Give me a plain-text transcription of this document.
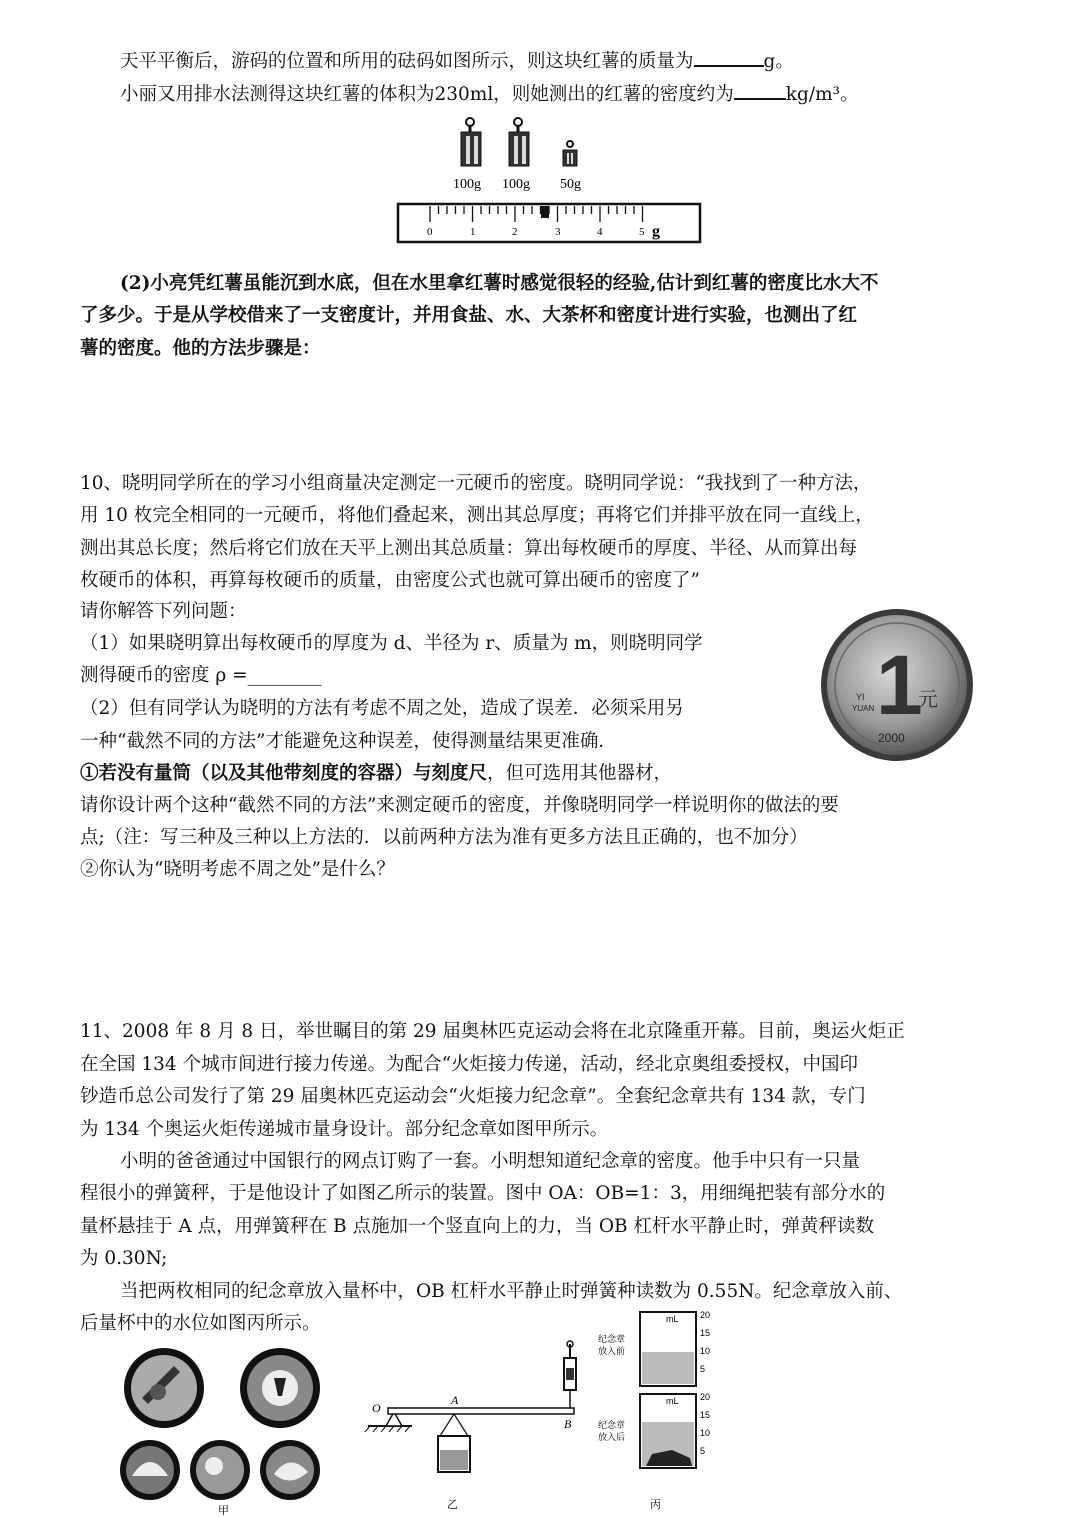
天平平衡后，游码的位置和所用的砝码如图所示，则这块红薯的质量为	g。
小丽又用排水法测得这块红薯的体积为230ml，则她测出的红薯的密度约为	kg/m³。
100g 100g 50g
0	1	2	3	4	5 g
(2)小亮凭红薯虽能沉到水底，但在水里拿红薯时感觉很轻的经验,估计到红薯的密度比水大不
了多少。于是从学校借来了一支密度计，并用食盐、水、大茶杯和密度计进行实验，也测出了红
薯的密度。他的方法步骤是：
10、晓明同学所在的学习小组商量决定测定一元硬币的密度。晓明同学说：“我找到了一种方法，
用 10 枚完全相同的一元硬币，将他们叠起来，测出其总厚度；再将它们并排平放在同一直线上，
测出其总长度；然后将它们放在天平上测出其总质量：算出每枚硬币的厚度、半径、从而算出每
枚硬币的体积，再算每枚硬币的质量，由密度公式也就可算出硬币的密度了”
请你解答下列问题：
（1）如果晓明算出每枚硬币的厚度为 d、半径为 r、质量为 m，则晓明同学
测得硬币的密度 ρ =________
（2）但有同学认为晓明的方法有考虑不周之处，造成了误差．必须采用另
一种“截然不同的方法”才能避免这种误差，使得测量结果更准确．
①若没有量筒（以及其他带刻度的容器）与刻度尺，但可选用其他器材，
请你设计两个这种“截然不同的方法”来测定硬币的密度，并像晓明同学一样说明你的做法的要
点;（注：写三种及三种以上方法的．以前两种方法为准有更多方法且正确的，也不加分）
②你认为“晓明考虑不周之处”是什么？
1
YI
YUAN 元
2000
11、2008 年 8 月 8 日，举世瞩目的第 29 届奥林匹克运动会将在北京隆重开幕。目前，奥运火炬正
在全国 134 个城市间进行接力传递。为配合“火炬接力传递，活动，经北京奥组委授权，中国印
钞造币总公司发行了第 29 届奥林匹克运动会“火炬接力纪念章”。全套纪念章共有 134 款，专门
为 134 个奥运火炬传递城市量身设计。部分纪念章如图甲所示。
小明的爸爸通过中国银行的网点订购了一套。小明想知道纪念章的密度。他手中只有一只量
程很小的弹簧秤，于是他设计了如图乙所示的装置。图中 OA：OB=1：3，用细绳把装有部分水的
量杯悬挂于 A 点，用弹簧秤在 B 点施加一个竖直向上的力，当 OB 杠杆水平静止时，弹黄秤读数
为 0.30N;
当把两枚相同的纪念章放入量杯中，OB 杠杆水平静止时弹簧种读数为 0.55N。纪念章放入前、
后量杯中的水位如图丙所示。
甲
O
A
B
乙
mL 20
15
10
5
纪念章
放入前
mL 20
15
10
5
纪念章
放入后
丙
